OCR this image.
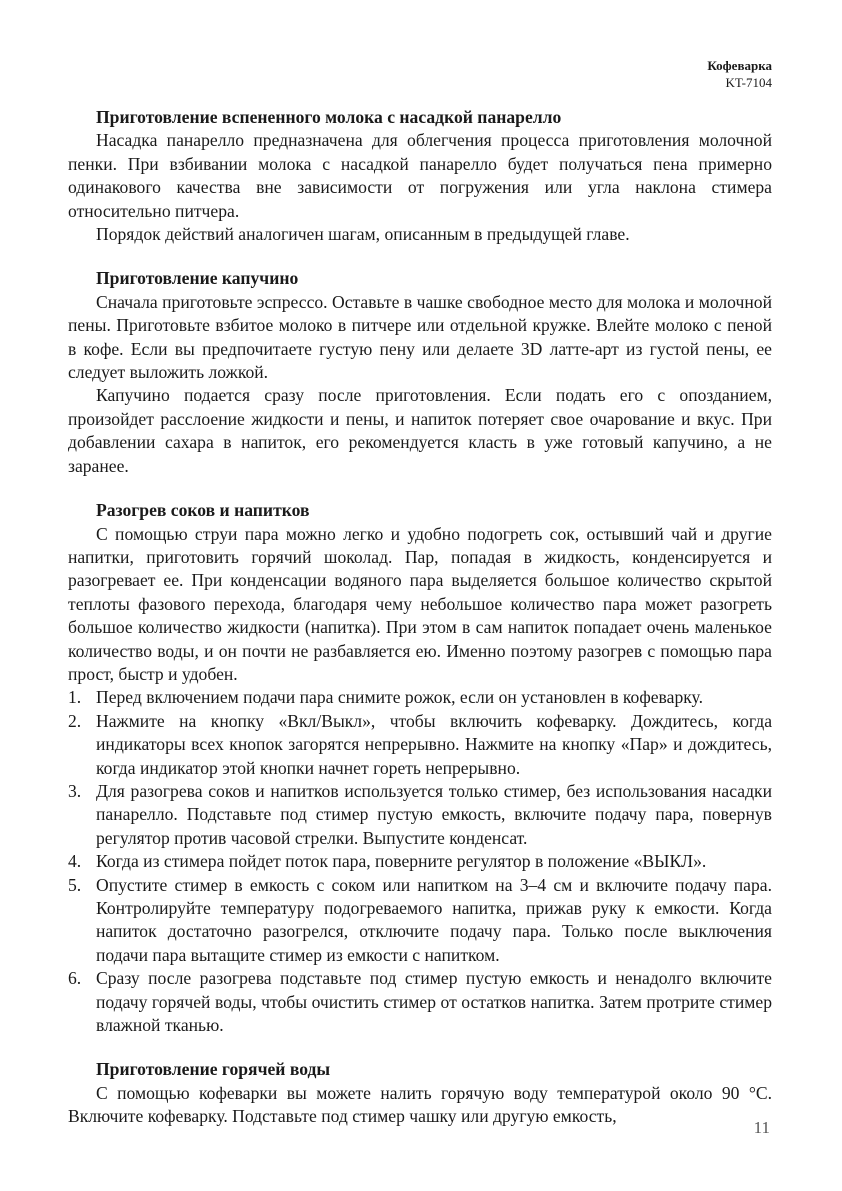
Кофеварка
KT-7104

Приготовление вспененного молока с насадкой панарелло

Насадка панарелло предназначена для облегчения процесса приготовления молочной пенки. При взбивании молока с насадкой панарелло будет получаться пена примерно одинакового качества вне зависимости от погружения или угла наклона стимера относительно питчера.

Порядок действий аналогичен шагам, описанным в предыдущей главе.

Приготовление капучино

Сначала приготовьте эспрессо. Оставьте в чашке свободное место для молока и молочной пены. Приготовьте взбитое молоко в питчере или отдельной кружке. Влейте молоко с пеной в кофе. Если вы предпочитаете густую пену или делаете 3D латте-арт из густой пены, ее следует выложить ложкой.

Капучино подается сразу после приготовления. Если подать его с опозданием, произойдет расслоение жидкости и пены, и напиток потеряет свое очарование и вкус. При добавлении сахара в напиток, его рекомендуется класть в уже готовый капучино, а не заранее.

Разогрев соков и напитков

С помощью струи пара можно легко и удобно подогреть сок, остывший чай и другие напитки, приготовить горячий шоколад. Пар, попадая в жидкость, конденсируется и разогревает ее. При конденсации водяного пара выделяется большое количество скрытой теплоты фазового перехода, благодаря чему небольшое количество пара может разогреть большое количество жидкости (напитка). При этом в сам напиток попадает очень маленькое количество воды, и он почти не разбавляется ею. Именно поэтому разогрев с помощью пара прост, быстр и удобен.

1. Перед включением подачи пара снимите рожок, если он установлен в кофеварку.
2. Нажмите на кнопку «Вкл/Выкл», чтобы включить кофеварку. Дождитесь, когда индикаторы всех кнопок загорятся непрерывно. Нажмите на кнопку «Пар» и дождитесь, когда индикатор этой кнопки начнет гореть непрерывно.
3. Для разогрева соков и напитков используется только стимер, без использования насадки панарелло. Подставьте под стимер пустую емкость, включите подачу пара, повернув регулятор против часовой стрелки. Выпустите конденсат.
4. Когда из стимера пойдет поток пара, поверните регулятор в положение «ВЫКЛ».
5. Опустите стимер в емкость с соком или напитком на 3–4 см и включите подачу пара. Контролируйте температуру подогреваемого напитка, прижав руку к емкости. Когда напиток достаточно разогрелся, отключите подачу пара. Только после выключения подачи пара вытащите стимер из емкости с напитком.
6. Сразу после разогрева подставьте под стимер пустую емкость и ненадолго включите подачу горячей воды, чтобы очистить стимер от остатков напитка. Затем протрите стимер влажной тканью.

Приготовление горячей воды

С помощью кофеварки вы можете налить горячую воду температурой около 90 °C. Включите кофеварку. Подставьте под стимер чашку или другую емкость,

11
